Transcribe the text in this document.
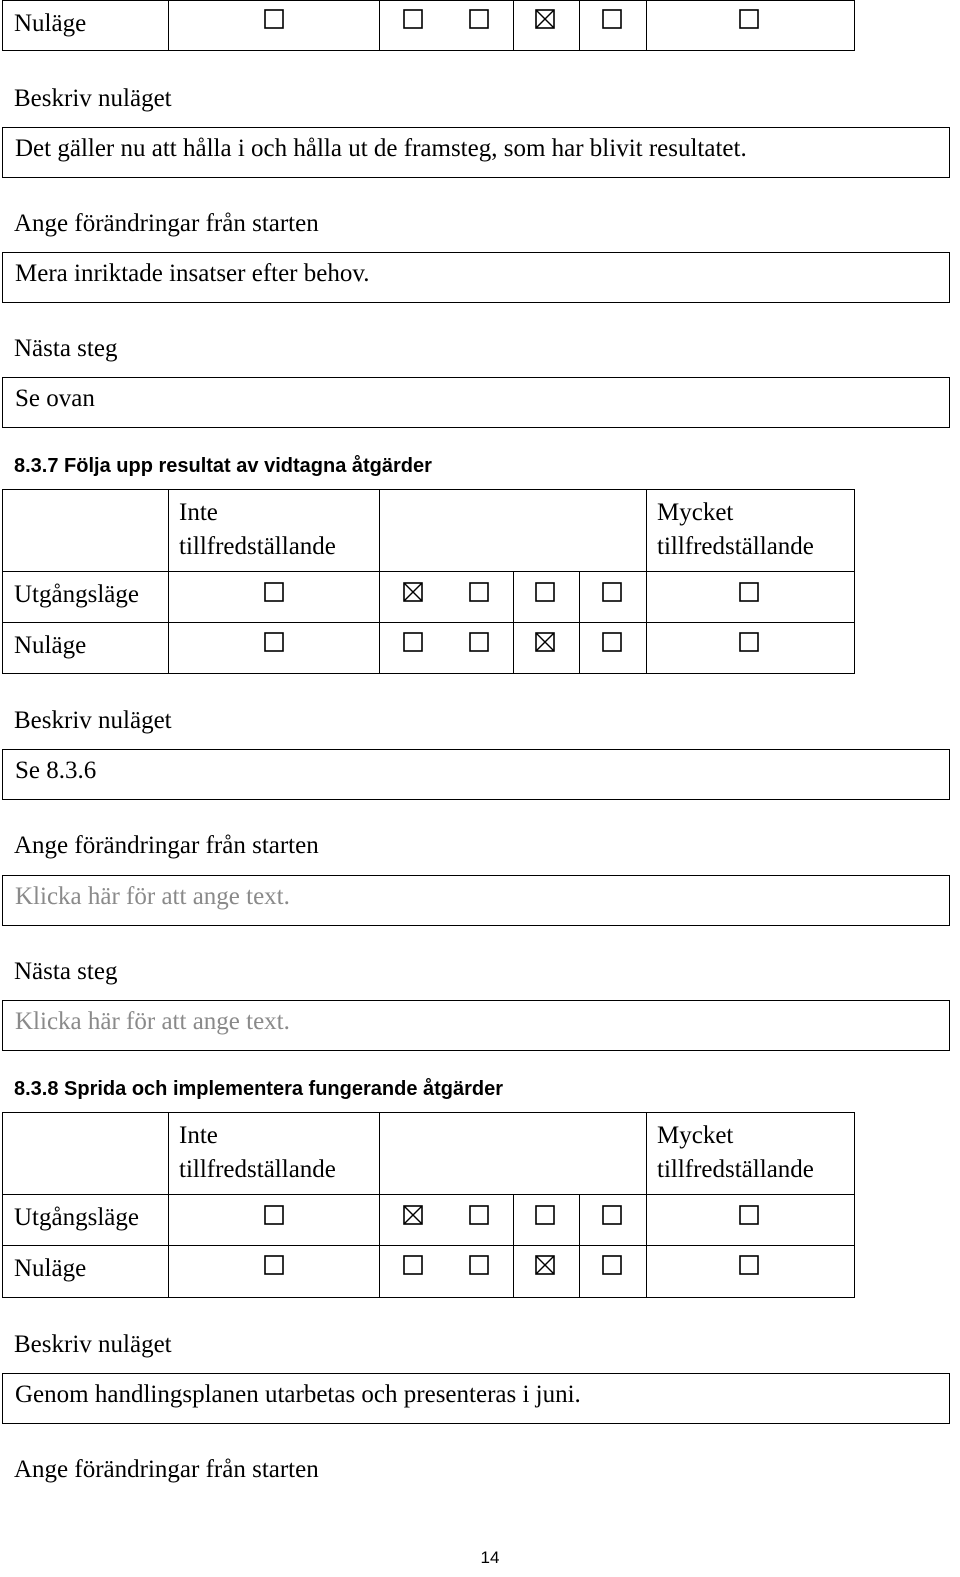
Nuläge
Beskriv nuläget
Det gäller nu att hålla i och hålla ut de framsteg, som har blivit resultatet.
Ange förändringar från starten
Mera inriktade insatser efter behov.
Nästa steg
Se ovan
8.3.7 Följa upp resultat av vidtagna åtgärder
Inte
tillfredställande
Mycket
tillfredställande
Utgångsläge
Nuläge
Beskriv nuläget
Se 8.3.6
Ange förändringar från starten
Klicka här för att ange text.
Nästa steg
Klicka här för att ange text.
8.3.8 Sprida och implementera fungerande åtgärder
Inte
tillfredställande
Mycket
tillfredställande
Utgångsläge
Nuläge
Beskriv nuläget
Genom handlingsplanen utarbetas och presenteras i juni.
Ange förändringar från starten
14
